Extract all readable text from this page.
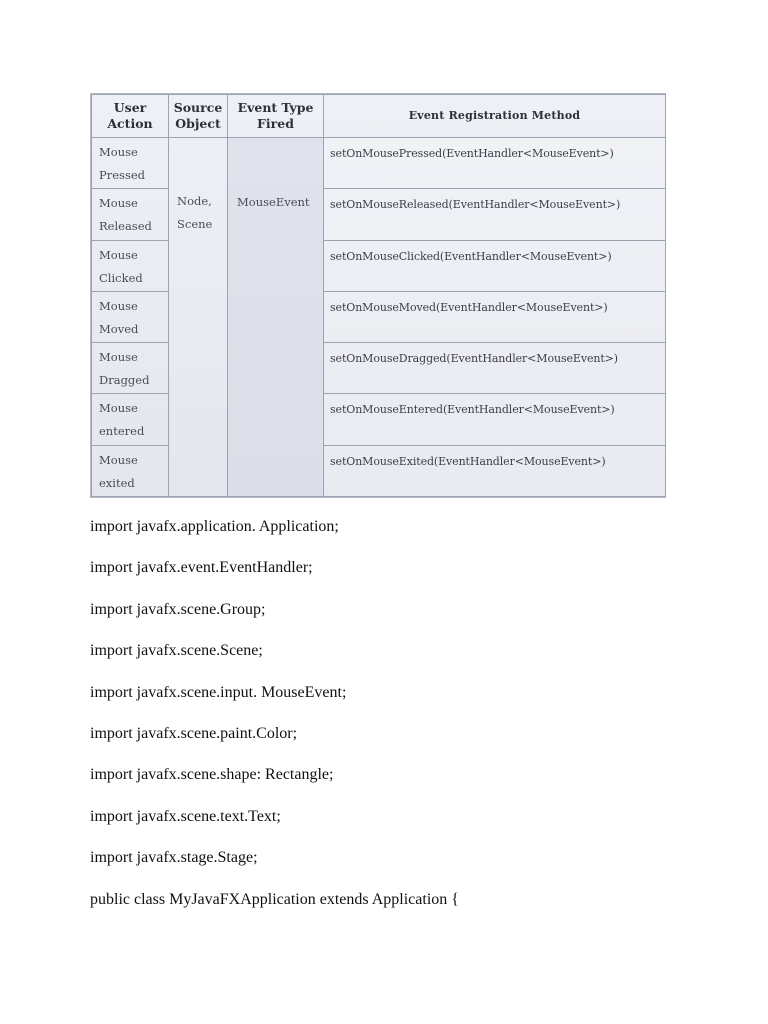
User Action	Source Object	Event Type Fired	Event Registration Method
Mouse Pressed	Node, Scene	MouseEvent	setOnMousePressed(EventHandler<MouseEvent>)
Mouse Released			setOnMouseReleased(EventHandler<MouseEvent>)
Mouse Clicked			setOnMouseClicked(EventHandler<MouseEvent>)
Mouse Moved			setOnMouseMoved(EventHandler<MouseEvent>)
Mouse Dragged			setOnMouseDragged(EventHandler<MouseEvent>)
Mouse entered			setOnMouseEntered(EventHandler<MouseEvent>)
Mouse exited			setOnMouseExited(EventHandler<MouseEvent>)
import javafx.application. Application;
import javafx.event.EventHandler;
import javafx.scene.Group;
import javafx.scene.Scene;
import javafx.scene.input. MouseEvent;
import javafx.scene.paint.Color;
import javafx.scene.shape: Rectangle;
import javafx.scene.text.Text;
import javafx.stage.Stage;
public class MyJavaFXApplication extends Application {
